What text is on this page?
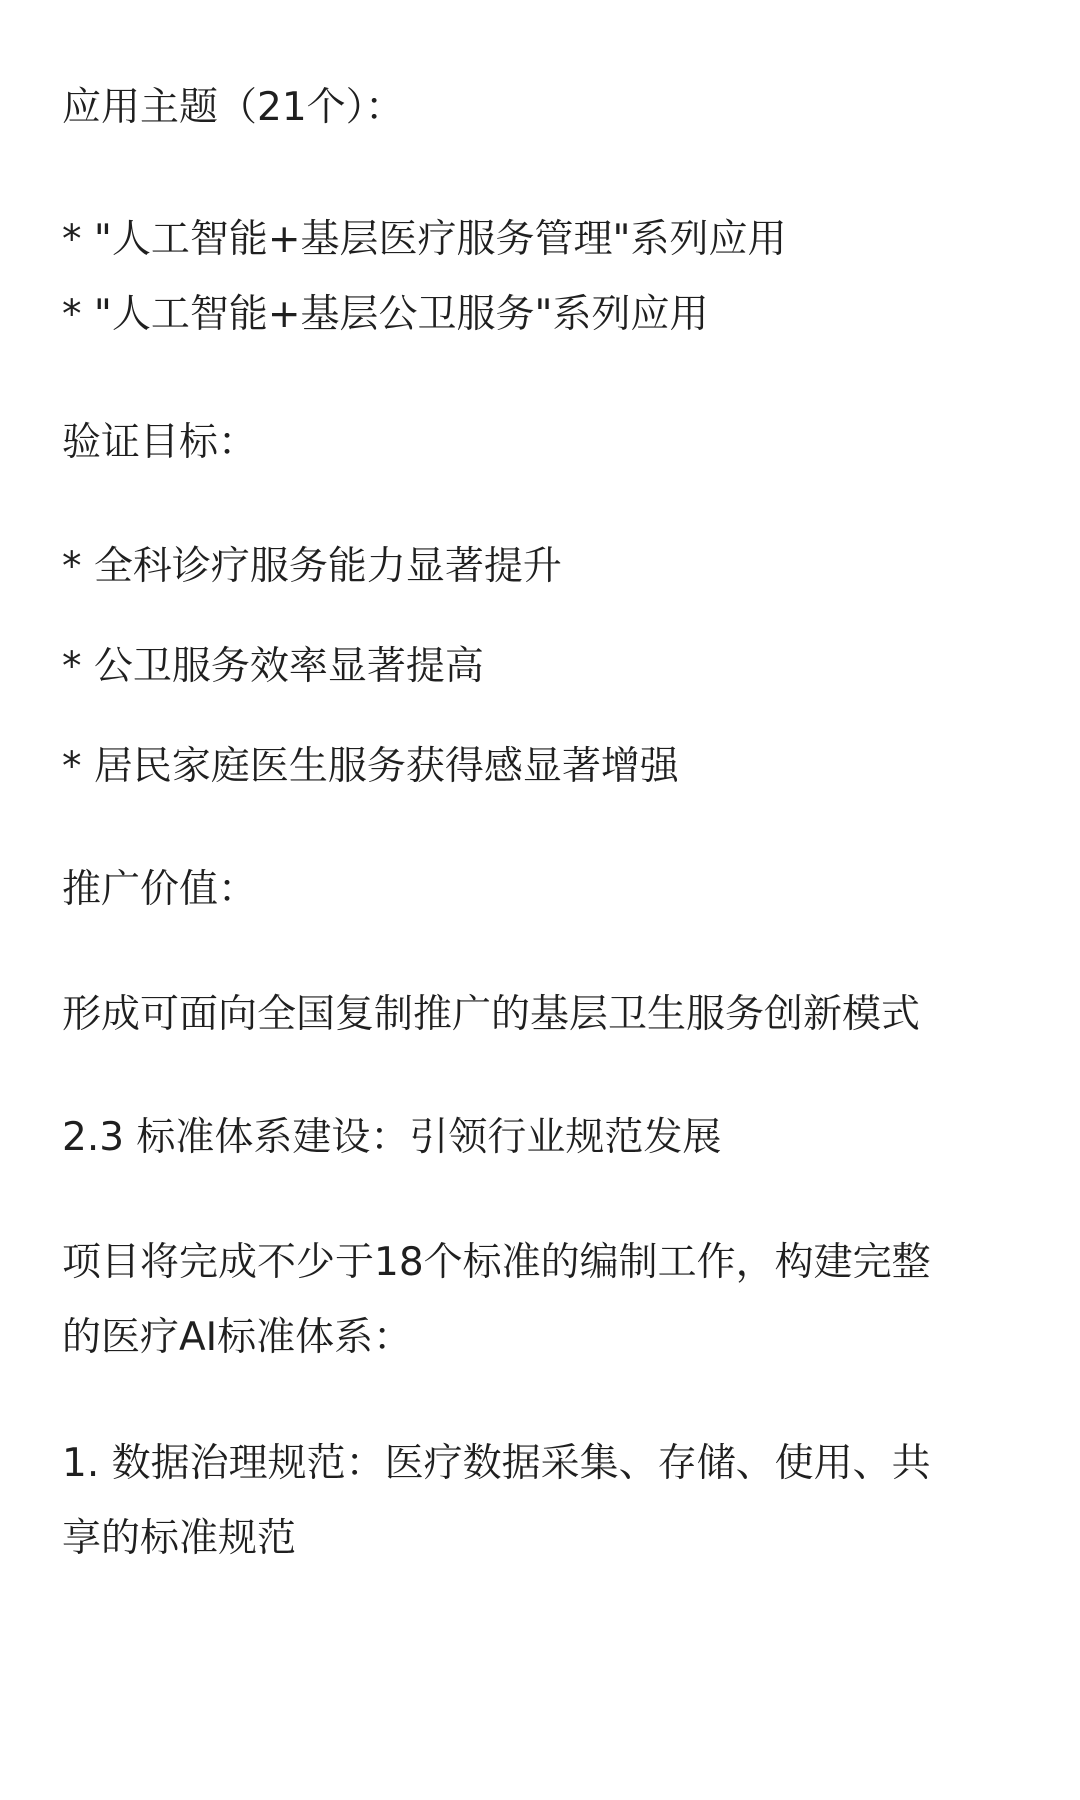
应用主题（21个）：

* "人工智能+基层医疗服务管理"系列应用

* "人工智能+基层公卫服务"系列应用

验证目标：

* 全科诊疗服务能力显著提升

* 公卫服务效率显著提高

* 居民家庭医生服务获得感显著增强

推广价值：

形成可面向全国复制推广的基层卫生服务创新模式

2.3 标准体系建设：引领行业规范发展

项目将完成不少于18个标准的编制工作，构建完整

的医疗AI标准体系：

1. 数据治理规范：医疗数据采集、存储、使用、共

享的标准规范
